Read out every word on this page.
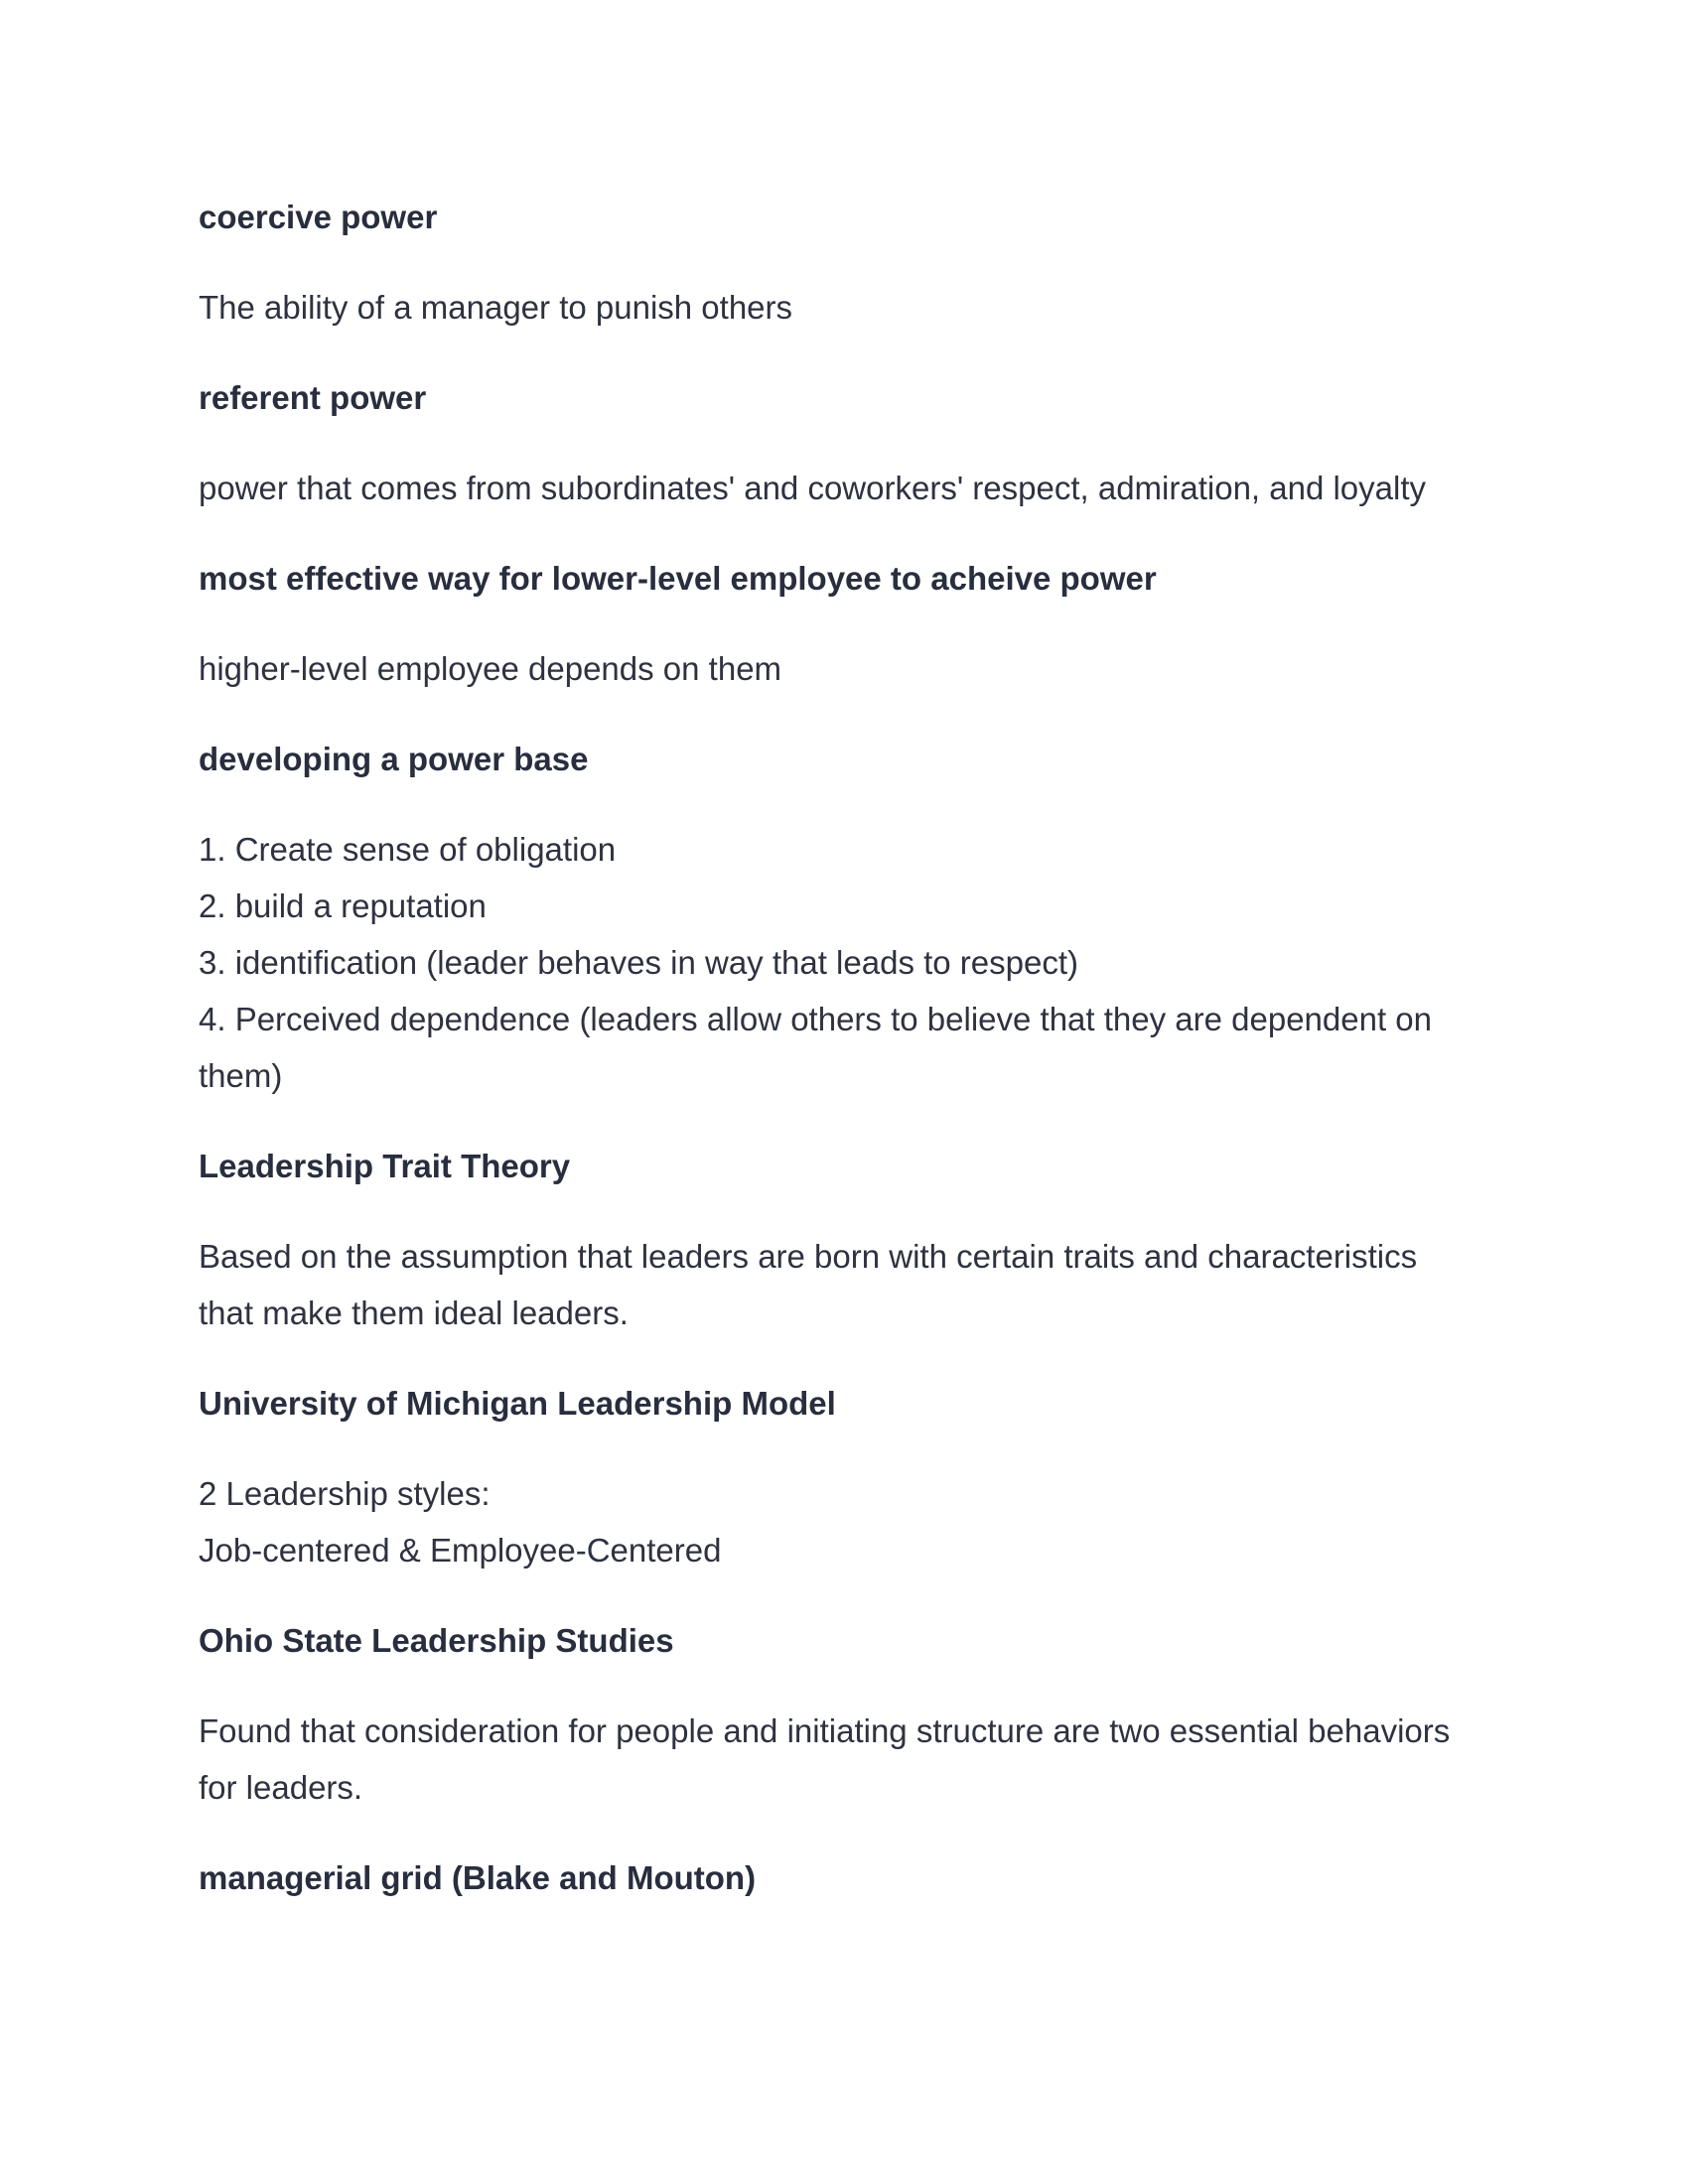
coercive power

The ability of a manager to punish others

referent power

power that comes from subordinates' and coworkers' respect, admiration, and loyalty

most effective way for lower-level employee to acheive power

higher-level employee depends on them

developing a power base

1. Create sense of obligation
2. build a reputation
3. identification (leader behaves in way that leads to respect)
4. Perceived dependence (leaders allow others to believe that they are dependent on
them)

Leadership Trait Theory

Based on the assumption that leaders are born with certain traits and characteristics
that make them ideal leaders.

University of Michigan Leadership Model

2 Leadership styles:
Job-centered & Employee-Centered

Ohio State Leadership Studies

Found that consideration for people and initiating structure are two essential behaviors
for leaders.

managerial grid (Blake and Mouton)
